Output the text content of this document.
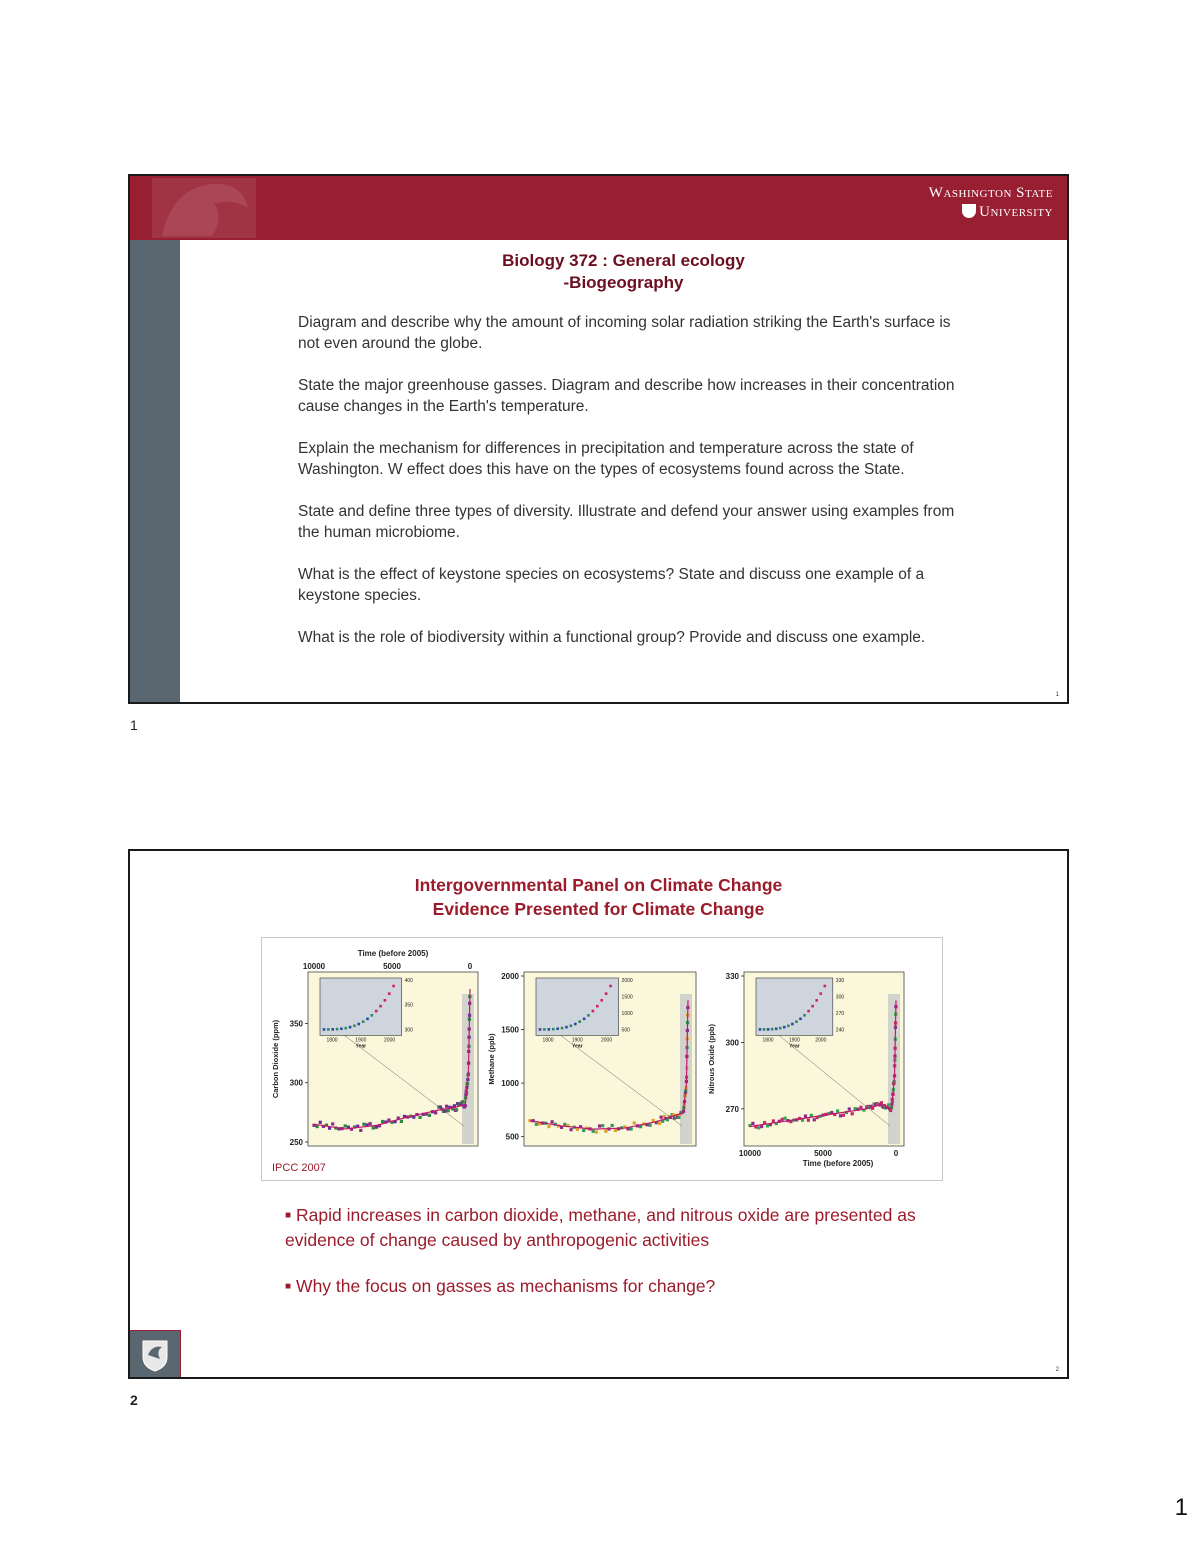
Washington State
University
Biology 372 : General ecology
-Biogeography
Diagram and describe why the amount of incoming solar radiation striking the Earth's surface is not even around the globe.
State the major greenhouse gasses. Diagram and describe how increases in their concentration cause changes in the Earth's temperature.
Explain the mechanism for differences in precipitation and temperature across the state of Washington. W effect does this have on the types of ecosystems found across the State.
State and define three types of diversity. Illustrate and defend your answer using examples from the human microbiome.
What is the effect of keystone species on ecosystems? State and discuss one example of a keystone species.
What is the role of biodiversity within a functional group? Provide and discuss one example.
1
1
Intergovernmental Panel on Climate Change
Evidence Presented for Climate Change
250
300
350
Carbon Dioxide (ppm)	300
350
400
1800	1900	2000
Year
500
1000
1500
2000
Methane (ppb)
500
1000
1500
2000
1800	1900	2000
Year
270
300
330
Nitrous Oxide (ppb)	240
270
300
330
1800	1900	2000
Year
Time (before 2005)
10000	5000	0
10000	5000	0
Time (before 2005)
IPCC 2007
■ Rapid increases in carbon dioxide, methane, and nitrous oxide are presented as evidence of change caused by anthropogenic activities
■ Why the focus on gasses as mechanisms for change?
2
2
1
